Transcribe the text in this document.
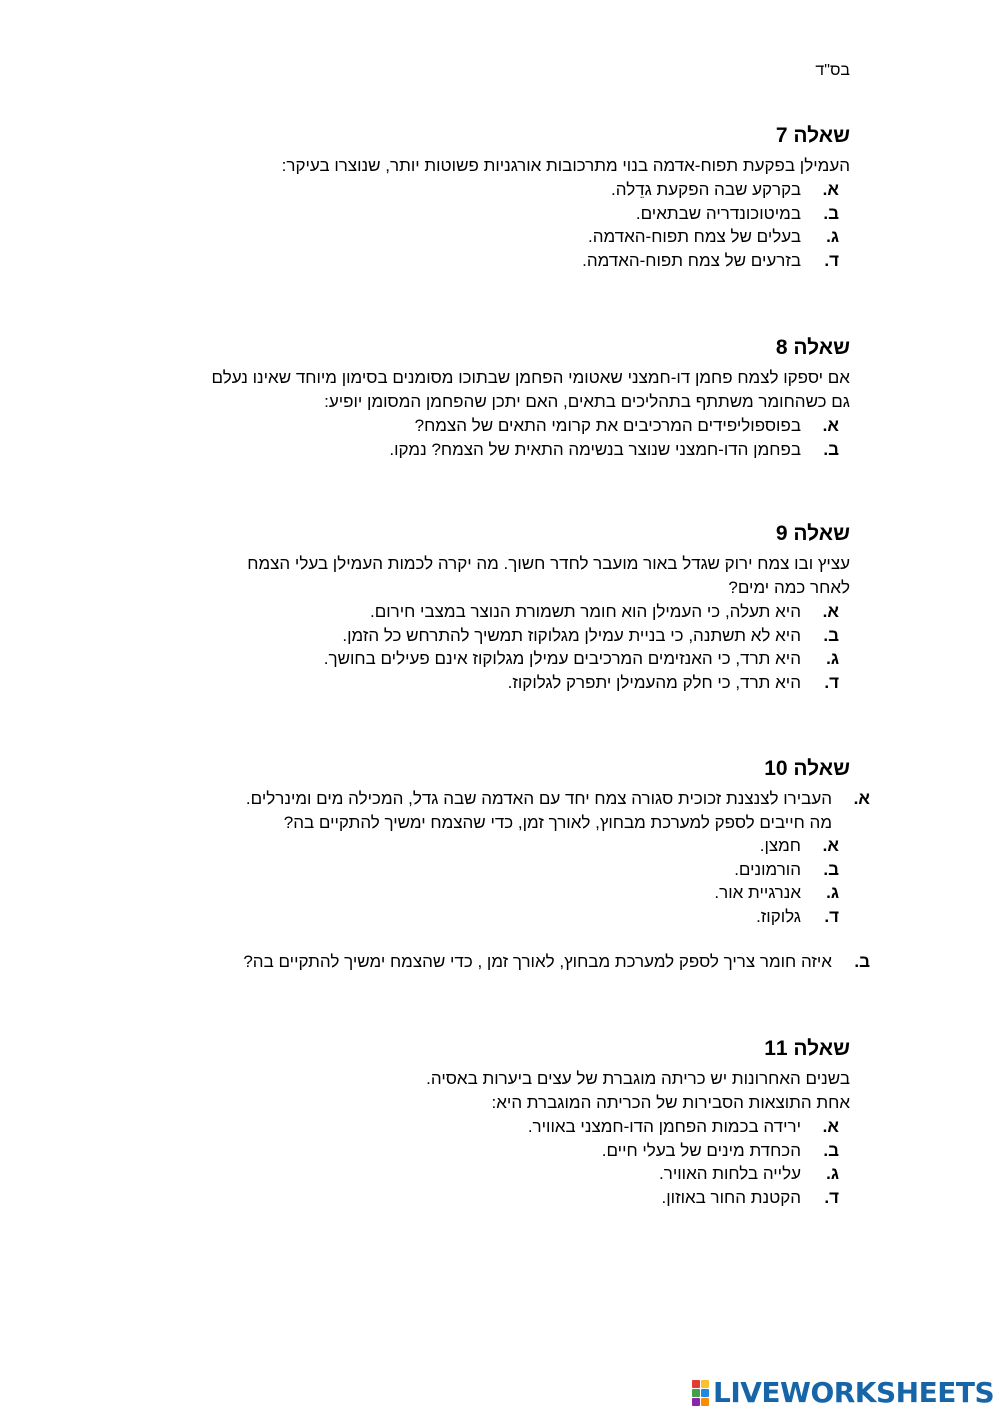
בס"ד
שאלה 7

העמילן בפקעת תפוח-אדמה בנוי מתרכובות אורגניות פשוטות יותר, שנוצרו בעיקר:

א.
בקרקע שבה הפקעת גדֵלה.
ב.
במיטוכונדריה שבתאים.
ג.
בעלים של צמח תפוח-האדמה.
ד.
בזרעים של צמח תפוח-האדמה.
שאלה 8

אם יספקו לצמח פחמן דו-חמצני שאטומי הפחמן שבתוכו מסומנים בסימון מיוחד שאינו נעלם

גם כשהחומר משתתף בתהליכים בתאים, האם יתכן שהפחמן המסומן יופיע:

א.
בפוספוליפידים המרכיבים את קרומי התאים של הצמח?
ב.
בפחמן הדו-חמצני שנוצר בנשימה התאית של הצמח? נמקו.
שאלה 9

עציץ ובו צמח ירוק שגדל באור מועבר לחדר חשוך. מה יקרה לכמות העמילן בעלי הצמח

לאחר כמה ימים?

א.
היא תעלה, כי העמילן הוא חומר תשמורת הנוצר במצבי חירום.
ב.
היא לא תשתנה, כי בניית עמילן מגלוקוז תמשיך להתרחש כל הזמן.
ג.
היא תרד, כי האנזימים המרכיבים עמילן מגלוקוז אינם פעילים בחושך.
ד.
היא תרד, כי חלק מהעמילן יתפרק לגלוקוז.
שאלה 10
א.
העבירו לצנצנת זכוכית סגורה צמח יחד עם האדמה שבה גדל, המכילה מים ומינרלים.
מה חייבים לספק למערכת מבחוץ, לאורך זמן, כדי שהצמח ימשיך להתקיים בה?
א.
חמצן.
ב.
הורמונים.
ג.
אנרגיית אור.
ד.
גלוקוז.
ב.
איזה חומר צריך לספק למערכת מבחוץ, לאורך זמן , כדי שהצמח ימשיך להתקיים בה?
שאלה 11

בשנים האחרונות יש כריתה מוגברת של עצים ביערות באסיה.

אחת התוצאות הסבירות של הכריתה המוגברת היא:

א.
ירידה בכמות הפחמן הדו-חמצני באוויר.
ב.
הכחדת מינים של בעלי חיים.
ג.
עלייה בלחות האוויר.
ד.
הקטנת החור באוזון.
LIVEWORKSHEETS
